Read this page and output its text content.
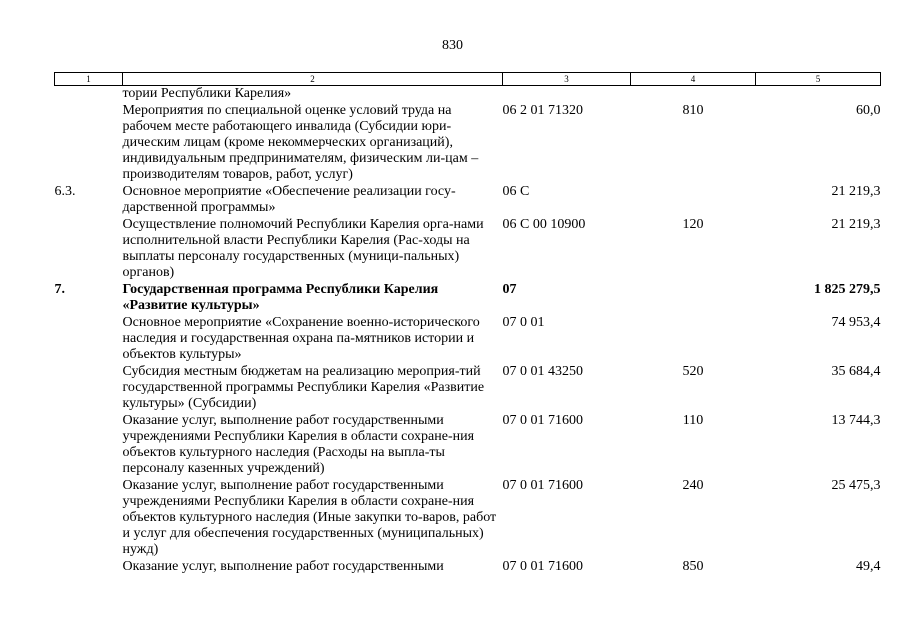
830
1	2	3	4	5
	тории Республики Карелия»			
	Мероприятия по специальной оценке условий труда на рабочем месте работающего инвалида (Субсидии юри-дическим лицам (кроме некоммерческих организаций), индивидуальным предпринимателям, физическим ли-цам – производителям товаров, работ, услуг)	06 2 01 71320	810	60,0
6.3.	Основное мероприятие «Обеспечение реализации госу-дарственной программы»	06 С		21 219,3
	Осуществление полномочий Республики Карелия орга-нами исполнительной власти Республики Карелия (Рас-ходы на выплаты персоналу государственных (муници-пальных) органов)	06 С 00 10900	120	21 219,3
7.	Государственная программа Республики Карелия «Развитие культуры»	07		1 825 279,5
	Основное мероприятие «Сохранение военно-исторического наследия и государственная охрана па-мятников истории и объектов культуры»	07 0 01		74 953,4
	Субсидия местным бюджетам на реализацию мероприя-тий государственной программы Республики Карелия «Развитие культуры» (Субсидии)	07 0 01 43250	520	35 684,4
	Оказание услуг, выполнение работ государственными учреждениями Республики Карелия в области сохране-ния объектов культурного наследия (Расходы на выпла-ты персоналу казенных учреждений)	07 0 01 71600	110	13 744,3
	Оказание услуг, выполнение работ государственными учреждениями Республики Карелия в области сохране-ния объектов культурного наследия (Иные закупки то-варов, работ и услуг для обеспечения государственных (муниципальных) нужд)	07 0 01 71600	240	25 475,3
	Оказание услуг, выполнение работ государственными	07 0 01 71600	850	49,4
